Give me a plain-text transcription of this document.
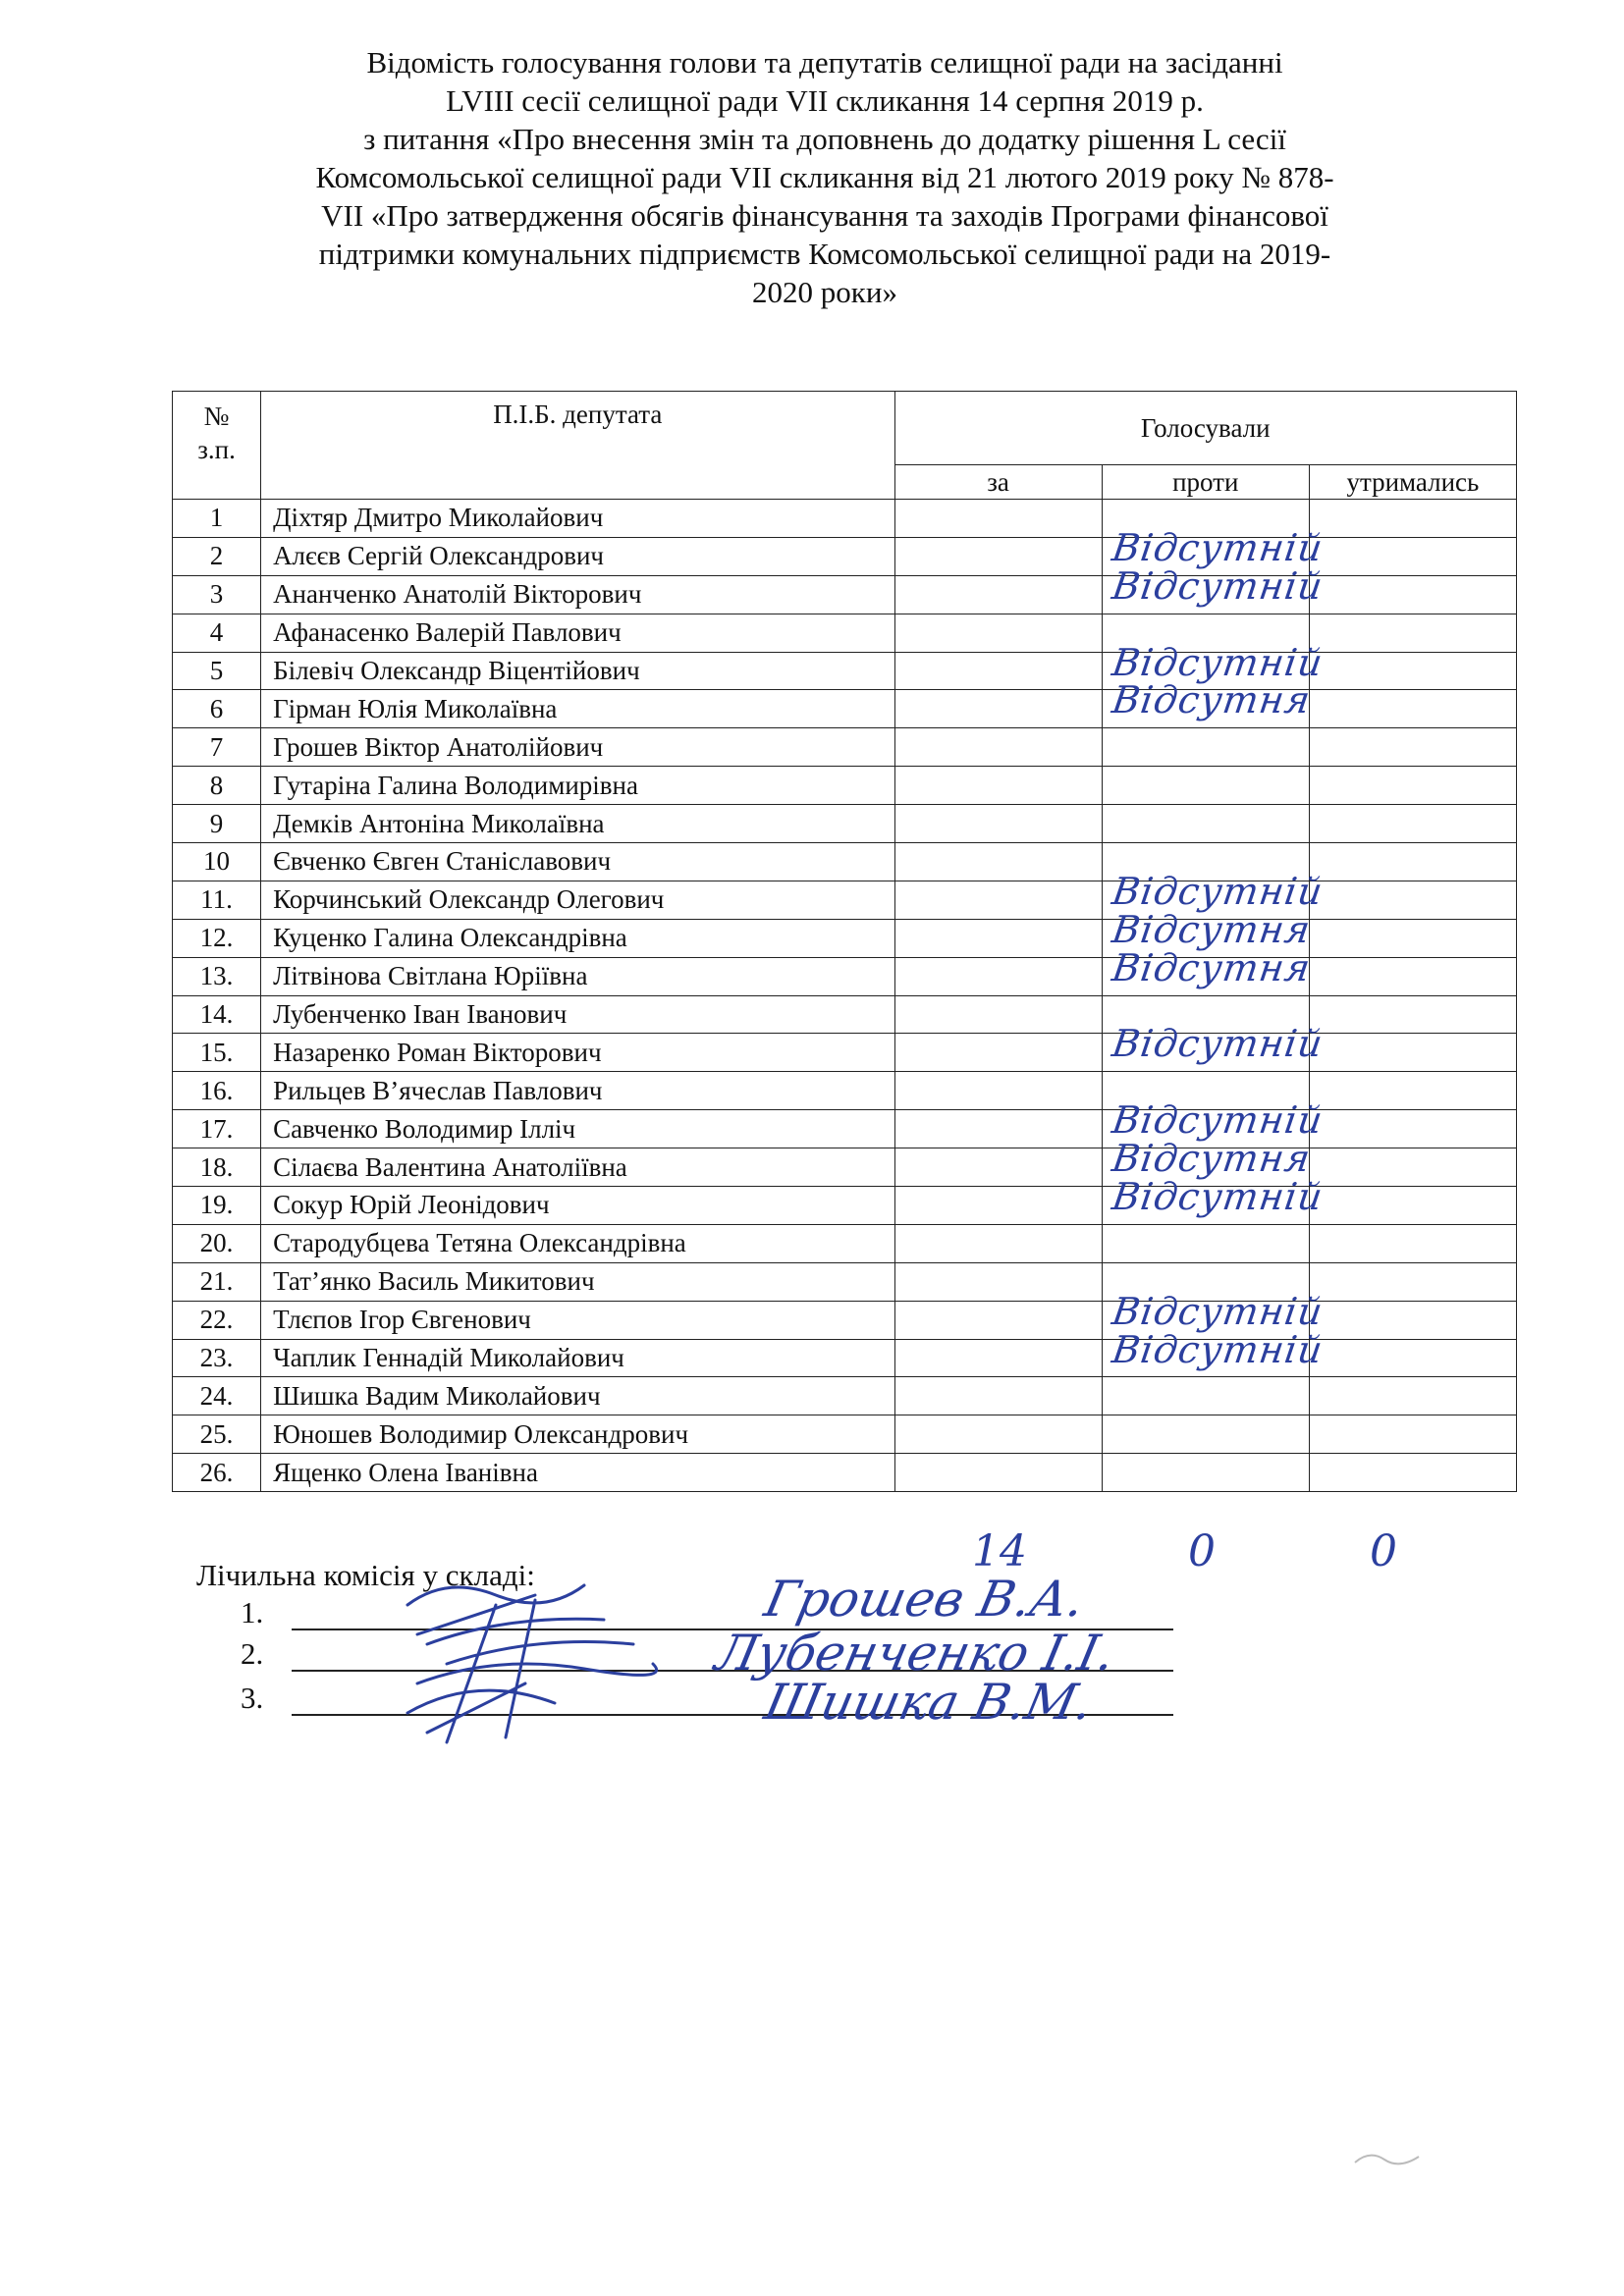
Відомість голосування голови та депутатів селищної ради на засіданні
LVIII сесії селищної ради VII скликання 14 серпня 2019 р.
з питання «Про внесення змін та доповнень до додатку рішення L сесії
Комсомольської селищної ради VII скликання від 21 лютого 2019 року № 878-
VII «Про затвердження обсягів фінансування та заходів Програми фінансової
підтримки комунальних підприємств Комсомольської селищної ради на 2019-
2020 роки»
№
з.п.	П.І.Б. депутата	Голосували		
		за	проти	утримались
1	Діхтяр Дмитро Миколайович			
2	Алєєв Сергій Олександрович		Відсутній	

3	Ананченко Анатолій Вікторович		Відсутній	

4	Афанасенко Валерій Павлович			
5	Білевіч Олександр Віцентійович		Відсутній	

6	Гірман Юлія Миколаївна		Відсутня	

7	Грошев Віктор Анатолійович			
8	Гутаріна Галина Володимирівна			
9	Демків Антоніна Миколаївна			
10	Євченко Євген Станіславович			
11.	Корчинський Олександр Олегович		Відсутній	

12.	Куценко Галина Олександрівна		Відсутня	

13.	Літвінова Світлана Юріївна		Відсутня	

14.	Лубенченко Іван Іванович			
15.	Назаренко Роман Вікторович		Відсутній	

16.	Рильцев В’ячеслав Павлович			
17.	Савченко Володимир Ілліч		Відсутній	

18.	Сілаєва Валентина Анатоліївна		Відсутня	

19.	Сокур Юрій Леонідович		Відсутній	

20.	Стародубцева Тетяна Олександрівна			
21.	Тат’янко Василь Микитович			
22.	Тлєпов Ігор Євгенович		Відсутній	

23.	Чаплик Геннадій Миколайович		Відсутній	

24.	Шишка Вадим Миколайович			
25.	Юношев Володимир Олександрович			
26.	Ященко Олена Іванівна			
14	0	0
Лічильна комісія у складі:
1.
2.
3.
Грошев В.А.
Лубенченко І.І.
Шишка В.М.
